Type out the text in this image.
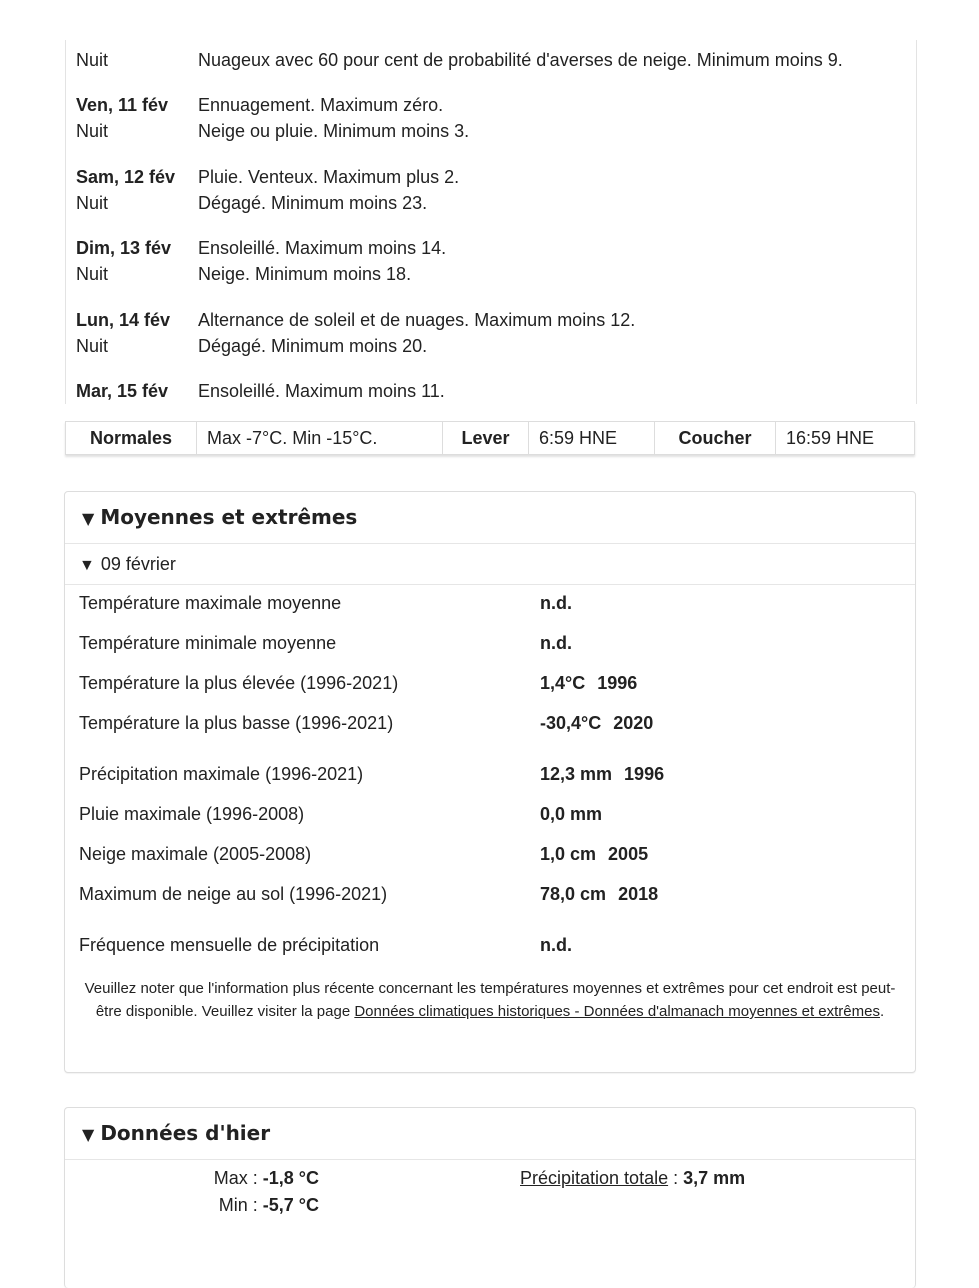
Nuit	Nuageux avec 60 pour cent de probabilité d'averses de neige. Minimum moins 9.
Ven, 11 fév	Ennuagement. Maximum zéro.
Nuit	Neige ou pluie. Minimum moins 3.
Sam, 12 fév	Pluie. Venteux. Maximum plus 2.
Nuit	Dégagé. Minimum moins 23.
Dim, 13 fév	Ensoleillé. Maximum moins 14.
Nuit	Neige. Minimum moins 18.
Lun, 14 fév	Alternance de soleil et de nuages. Maximum moins 12.
Nuit	Dégagé. Minimum moins 20.
Mar, 15 fév	Ensoleillé. Maximum moins 11.
Normales	Max -7°C. Min -15°C.	Lever	6:59 HNE	Coucher	16:59 HNE
▼ Moyennes et extrêmes
▼ 09 février
Température maximale moyenne	n.d.
Température minimale moyenne	n.d.
Température la plus élevée (1996-2021)	1,4°C 1996
Température la plus basse (1996-2021)	-30,4°C 2020
Précipitation maximale (1996-2021)	12,3 mm 1996
Pluie maximale (1996-2008)	0,0 mm
Neige maximale (2005-2008)	1,0 cm 2005
Maximum de neige au sol (1996-2021)	78,0 cm 2018
Fréquence mensuelle de précipitation	n.d.
Veuillez noter que l'information plus récente concernant les températures moyennes et extrêmes pour cet endroit est peut-être disponible. Veuillez visiter la page Données climatiques historiques - Données d'almanach moyennes et extrêmes.
▼ Données d'hier
Max : -1,8 °C
Min : -5,7 °C
Précipitation totale : 3,7 mm
